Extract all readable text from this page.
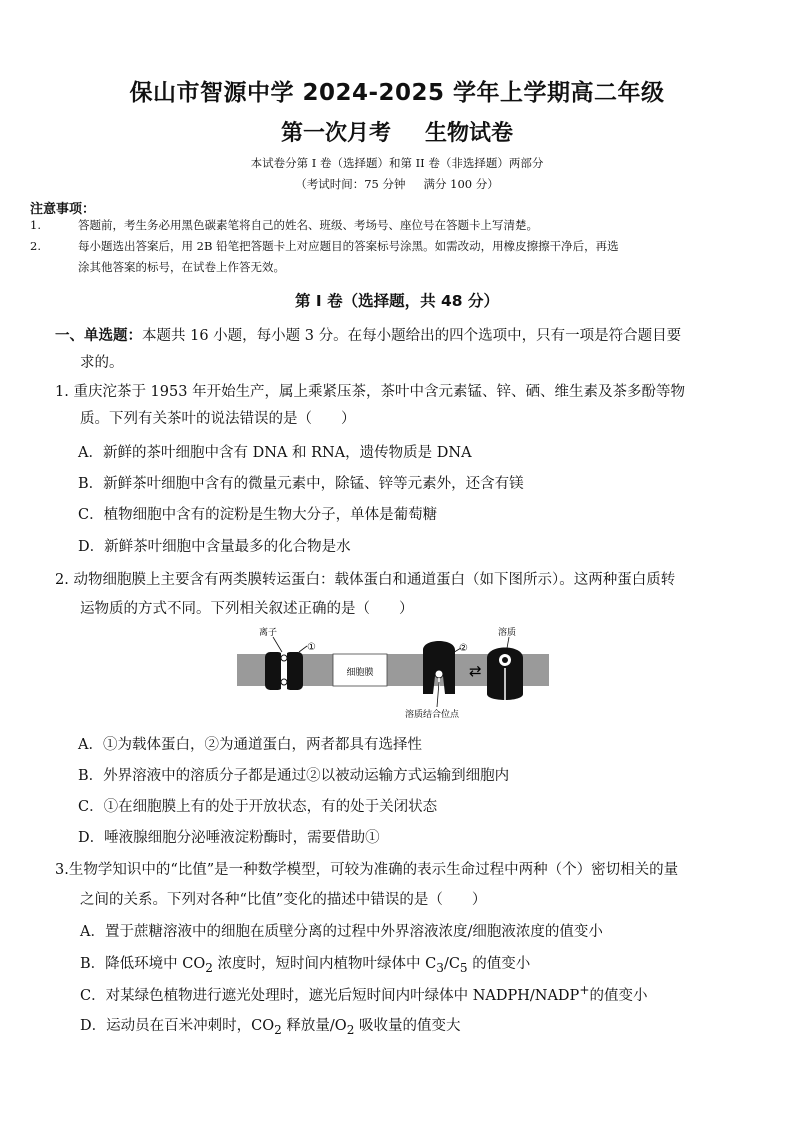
保山市智源中学 2024-2025 学年上学期高二年级
第一次月考 生物试卷
本试卷分第 I 卷（选择题）和第 II 卷（非选择题）两部分
（考试时间：75 分钟 满分 100 分）
注意事项：
1.	答题前，考生务必用黑色碳素笔将自己的姓名、班级、考场号、座位号在答题卡上写清楚。
2.	每小题选出答案后，用 2B 铅笔把答题卡上对应题目的答案标号涂黑。如需改动，用橡皮擦擦干净后，再选
涂其他答案的标号，在试卷上作答无效。
第 I 卷（选择题，共 48 分）
一、单选题：本题共 16 小题，每小题 3 分。在每小题给出的四个选项中，只有一项是符合题目要
求的。
1. 重庆沱茶于 1953 年开始生产，属上乘紧压茶，茶叶中含元素锰、锌、硒、维生素及茶多酚等物
质。下列有关茶叶的说法错误的是（　　）
A．新鲜的茶叶细胞中含有 DNA 和 RNA，遗传物质是 DNA
B．新鲜茶叶细胞中含有的微量元素中，除锰、锌等元素外，还含有镁
C．植物细胞中含有的淀粉是生物大分子，单体是葡萄糖
D．新鲜茶叶细胞中含量最多的化合物是水
2. 动物细胞膜上主要含有两类膜转运蛋白：载体蛋白和通道蛋白（如下图所示）。这两种蛋白质转
运物质的方式不同。下列相关叙述正确的是（　　）
细胞膜
离子
①	②
⇄
溶质
溶质结合位点
A．①为载体蛋白，②为通道蛋白，两者都具有选择性
B．外界溶液中的溶质分子都是通过②以被动运输方式运输到细胞内
C．①在细胞膜上有的处于开放状态，有的处于关闭状态
D．唾液腺细胞分泌唾液淀粉酶时，需要借助①
3.生物学知识中的“比值”是一种数学模型，可较为准确的表示生命过程中两种（个）密切相关的量
之间的关系。下列对各种“比值”变化的描述中错误的是（　　）
A．置于蔗糖溶液中的细胞在质壁分离的过程中外界溶液浓度/细胞液浓度的值变小
B．降低环境中 $CO_2$ 浓度时，短时间内植物叶绿体中 $C_3/C_5$ 的值变小
C．对某绿色植物进行遮光处理时，遮光后短时间内叶绿体中 NADPH/NADP+的值变小
D．运动员在百米冲刺时，$CO_2$ 释放量$/O_2$ 吸收量的值变大
